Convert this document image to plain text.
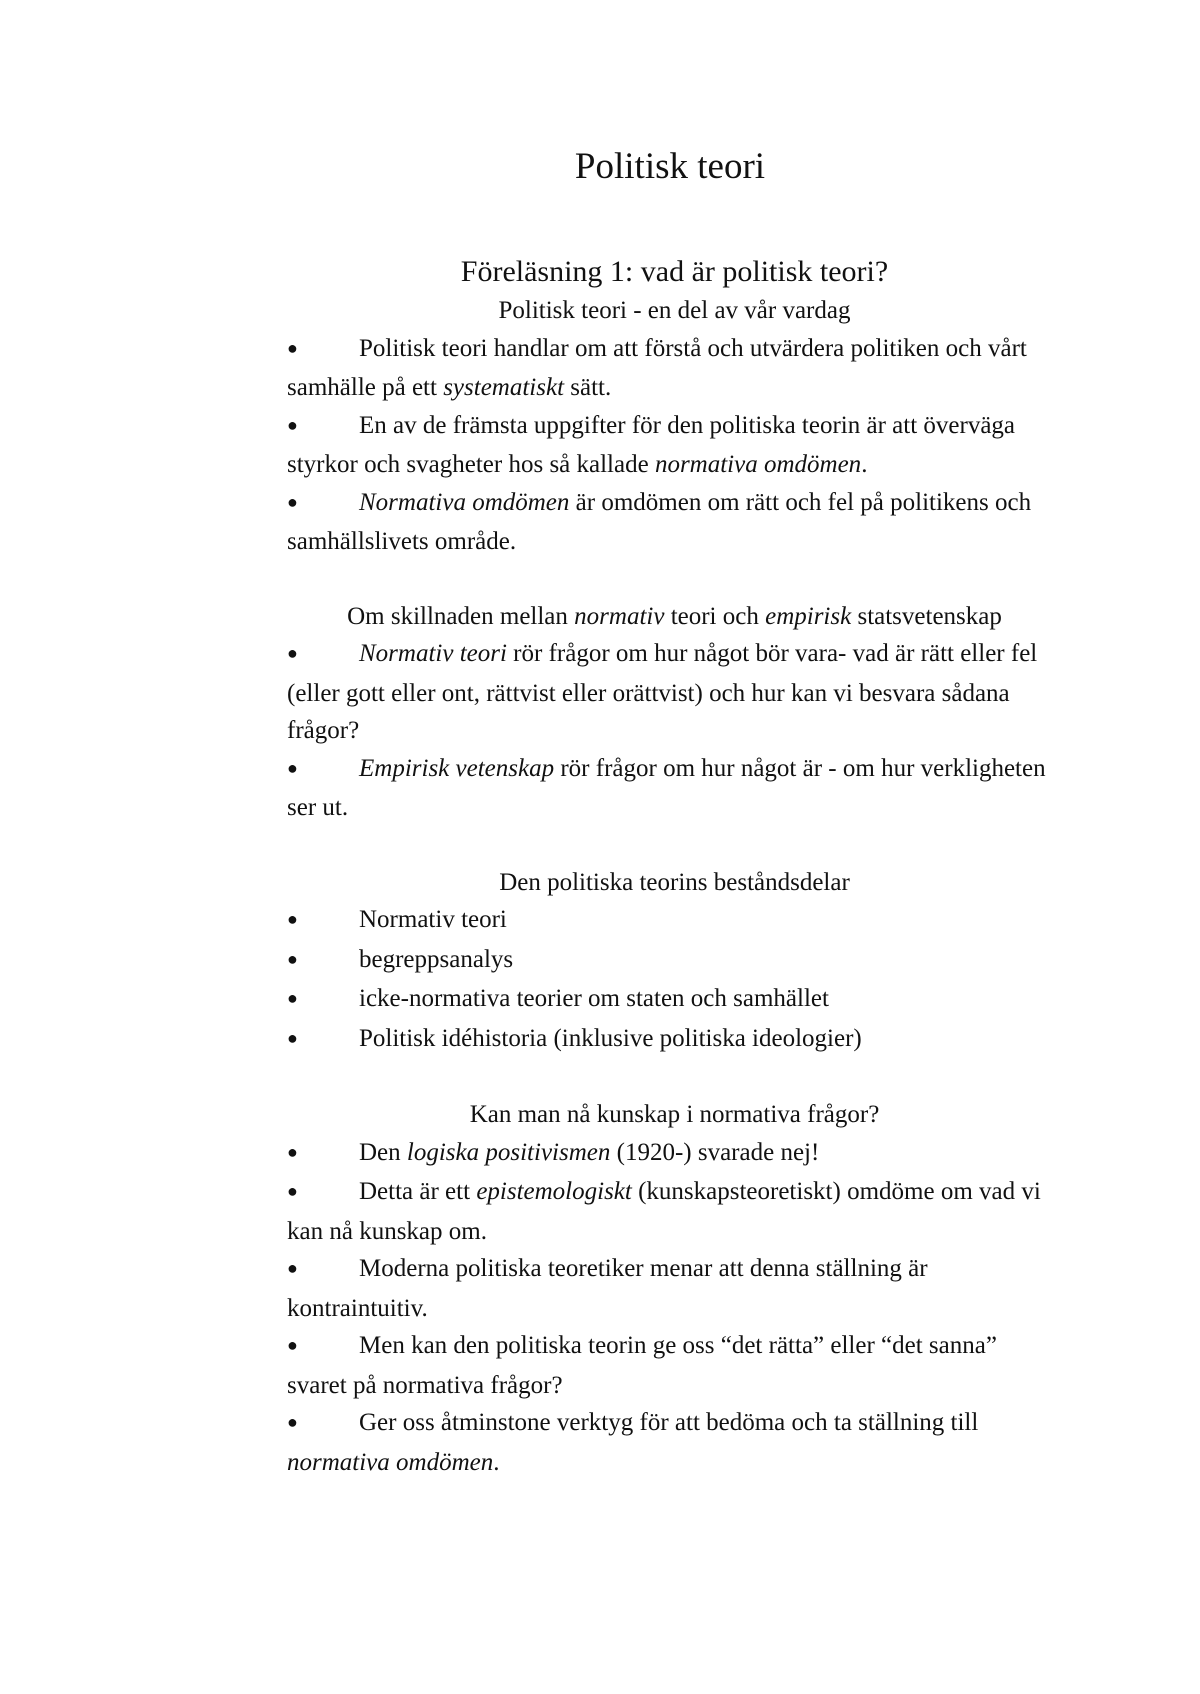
Politisk teori

Föreläsning 1: vad är politisk teori?

Politisk teori - en del av vår vardag

●Politisk teori handlar om att förstå och utvärdera politiken och vårt samhälle på ett systematiskt sätt.

●En av de främsta uppgifter för den politiska teorin är att överväga styrkor och svagheter hos så kallade normativa omdömen.

●Normativa omdömen är omdömen om rätt och fel på politikens och samhällslivets område.

Om skillnaden mellan normativ teori och empirisk statsvetenskap

●Normativ teori rör frågor om hur något bör vara- vad är rätt eller fel (eller gott eller ont, rättvist eller orättvist) och hur kan vi besvara sådana frågor?

●Empirisk vetenskap rör frågor om hur något är - om hur verkligheten ser ut.

Den politiska teorins beståndsdelar

●Normativ teori

●begreppsanalys

●icke-normativa teorier om staten och samhället

●Politisk idéhistoria (inklusive politiska ideologier)

Kan man nå kunskap i normativa frågor?

●Den logiska positivismen (1920-) svarade nej!

●Detta är ett epistemologiskt (kunskapsteoretiskt) omdöme om vad vi kan nå kunskap om.

●Moderna politiska teoretiker menar att denna ställning är kontraintuitiv.

●Men kan den politiska teorin ge oss “det rätta” eller “det sanna” svaret på normativa frågor?

●Ger oss åtminstone verktyg för att bedöma och ta ställning till normativa omdömen.
